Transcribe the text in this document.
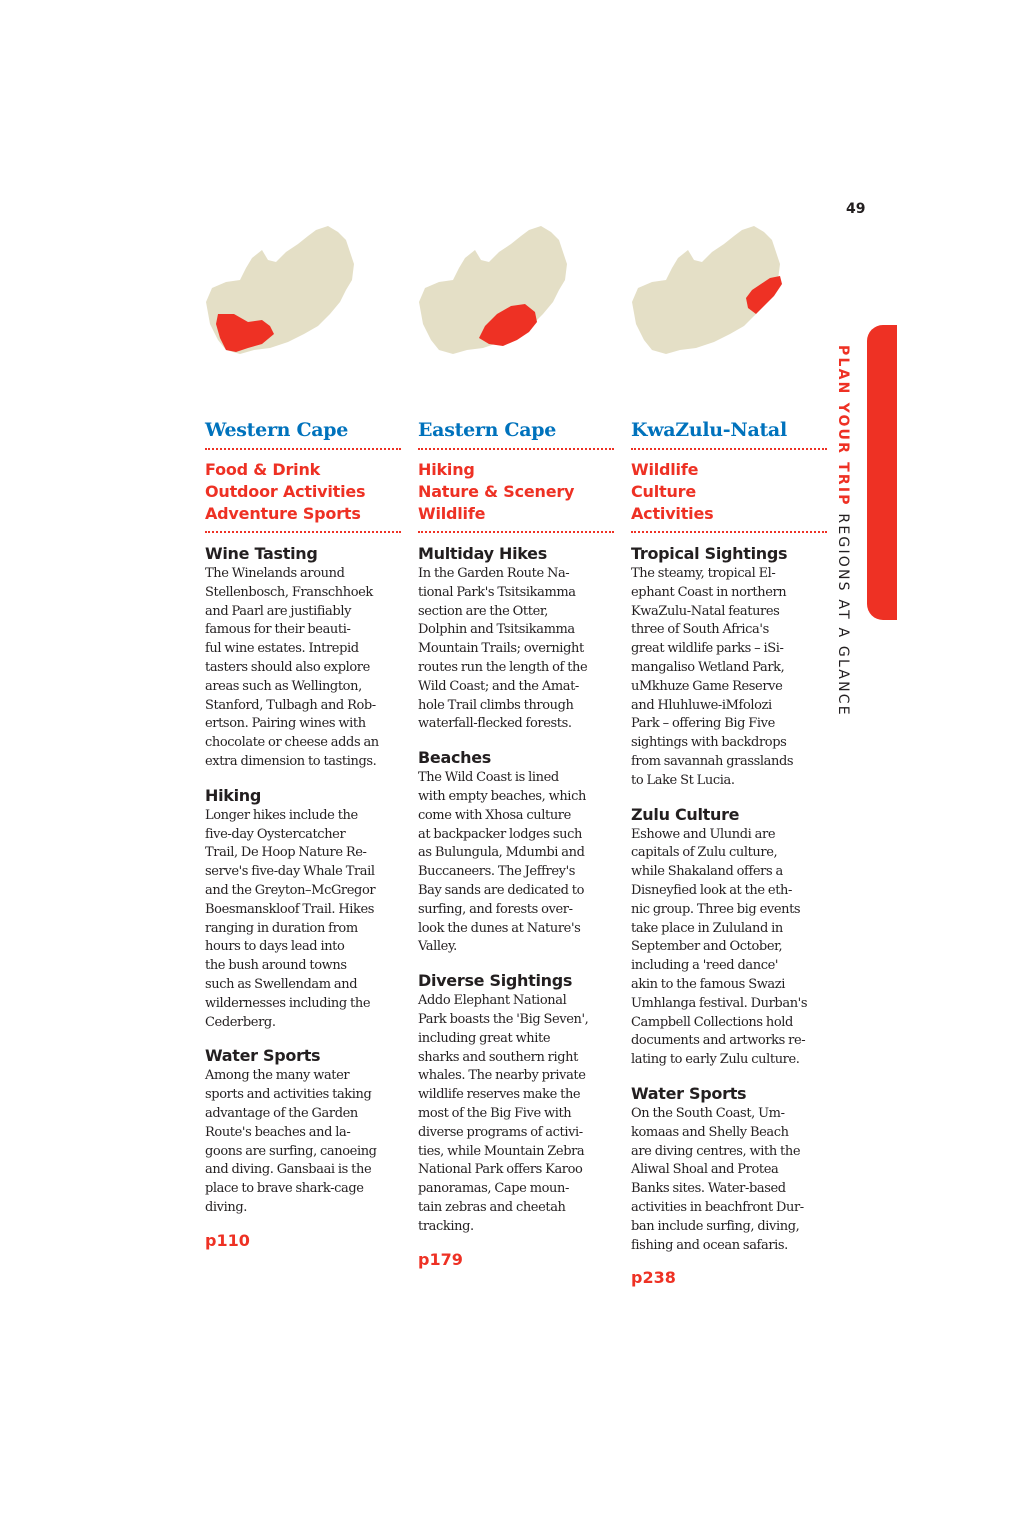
49
PLAN YOUR TRIP REGIONS AT A GLANCE
Western Cape
Food & Drink
Outdoor Activities
Adventure Sports
Wine Tasting
The Winelands around
Stellenbosch, Franschhoek
and Paarl are justifiably
famous for their beauti-
ful wine estates. Intrepid
tasters should also explore
areas such as Wellington,
Stanford, Tulbagh and Rob-
ertson. Pairing wines with
chocolate or cheese adds an
extra dimension to tastings.
Hiking
Longer hikes include the
five-day Oystercatcher
Trail, De Hoop Nature Re-
serve's five-day Whale Trail
and the Greyton–McGregor
Boesmanskloof Trail. Hikes
ranging in duration from
hours to days lead into
the bush around towns
such as Swellendam and
wildernesses including the
Cederberg.
Water Sports
Among the many water
sports and activities taking
advantage of the Garden
Route's beaches and la-
goons are surfing, canoeing
and diving. Gansbaai is the
place to brave shark-cage
diving.
p110
Eastern Cape
Hiking
Nature & Scenery
Wildlife
Multiday Hikes
In the Garden Route Na-
tional Park's Tsitsikamma
section are the Otter,
Dolphin and Tsitsikamma
Mountain Trails; overnight
routes run the length of the
Wild Coast; and the Amat-
hole Trail climbs through
waterfall-flecked forests.
Beaches
The Wild Coast is lined
with empty beaches, which
come with Xhosa culture
at backpacker lodges such
as Bulungula, Mdumbi and
Buccaneers. The Jeffrey's
Bay sands are dedicated to
surfing, and forests over-
look the dunes at Nature's
Valley.
Diverse Sightings
Addo Elephant National
Park boasts the 'Big Seven',
including great white
sharks and southern right
whales. The nearby private
wildlife reserves make the
most of the Big Five with
diverse programs of activi-
ties, while Mountain Zebra
National Park offers Karoo
panoramas, Cape moun-
tain zebras and cheetah
tracking.
p179
KwaZulu-Natal
Wildlife
Culture
Activities
Tropical Sightings
The steamy, tropical El-
ephant Coast in northern
KwaZulu-Natal features
three of South Africa's
great wildlife parks – iSi-
mangaliso Wetland Park,
uMkhuze Game Reserve
and Hluhluwe-iMfolozi
Park – offering Big Five
sightings with backdrops
from savannah grasslands
to Lake St Lucia.
Zulu Culture
Eshowe and Ulundi are
capitals of Zulu culture,
while Shakaland offers a
Disneyfied look at the eth-
nic group. Three big events
take place in Zululand in
September and October,
including a 'reed dance'
akin to the famous Swazi
Umhlanga festival. Durban's
Campbell Collections hold
documents and artworks re-
lating to early Zulu culture.
Water Sports
On the South Coast, Um-
komaas and Shelly Beach
are diving centres, with the
Aliwal Shoal and Protea
Banks sites. Water-based
activities in beachfront Dur-
ban include surfing, diving,
fishing and ocean safaris.
p238
